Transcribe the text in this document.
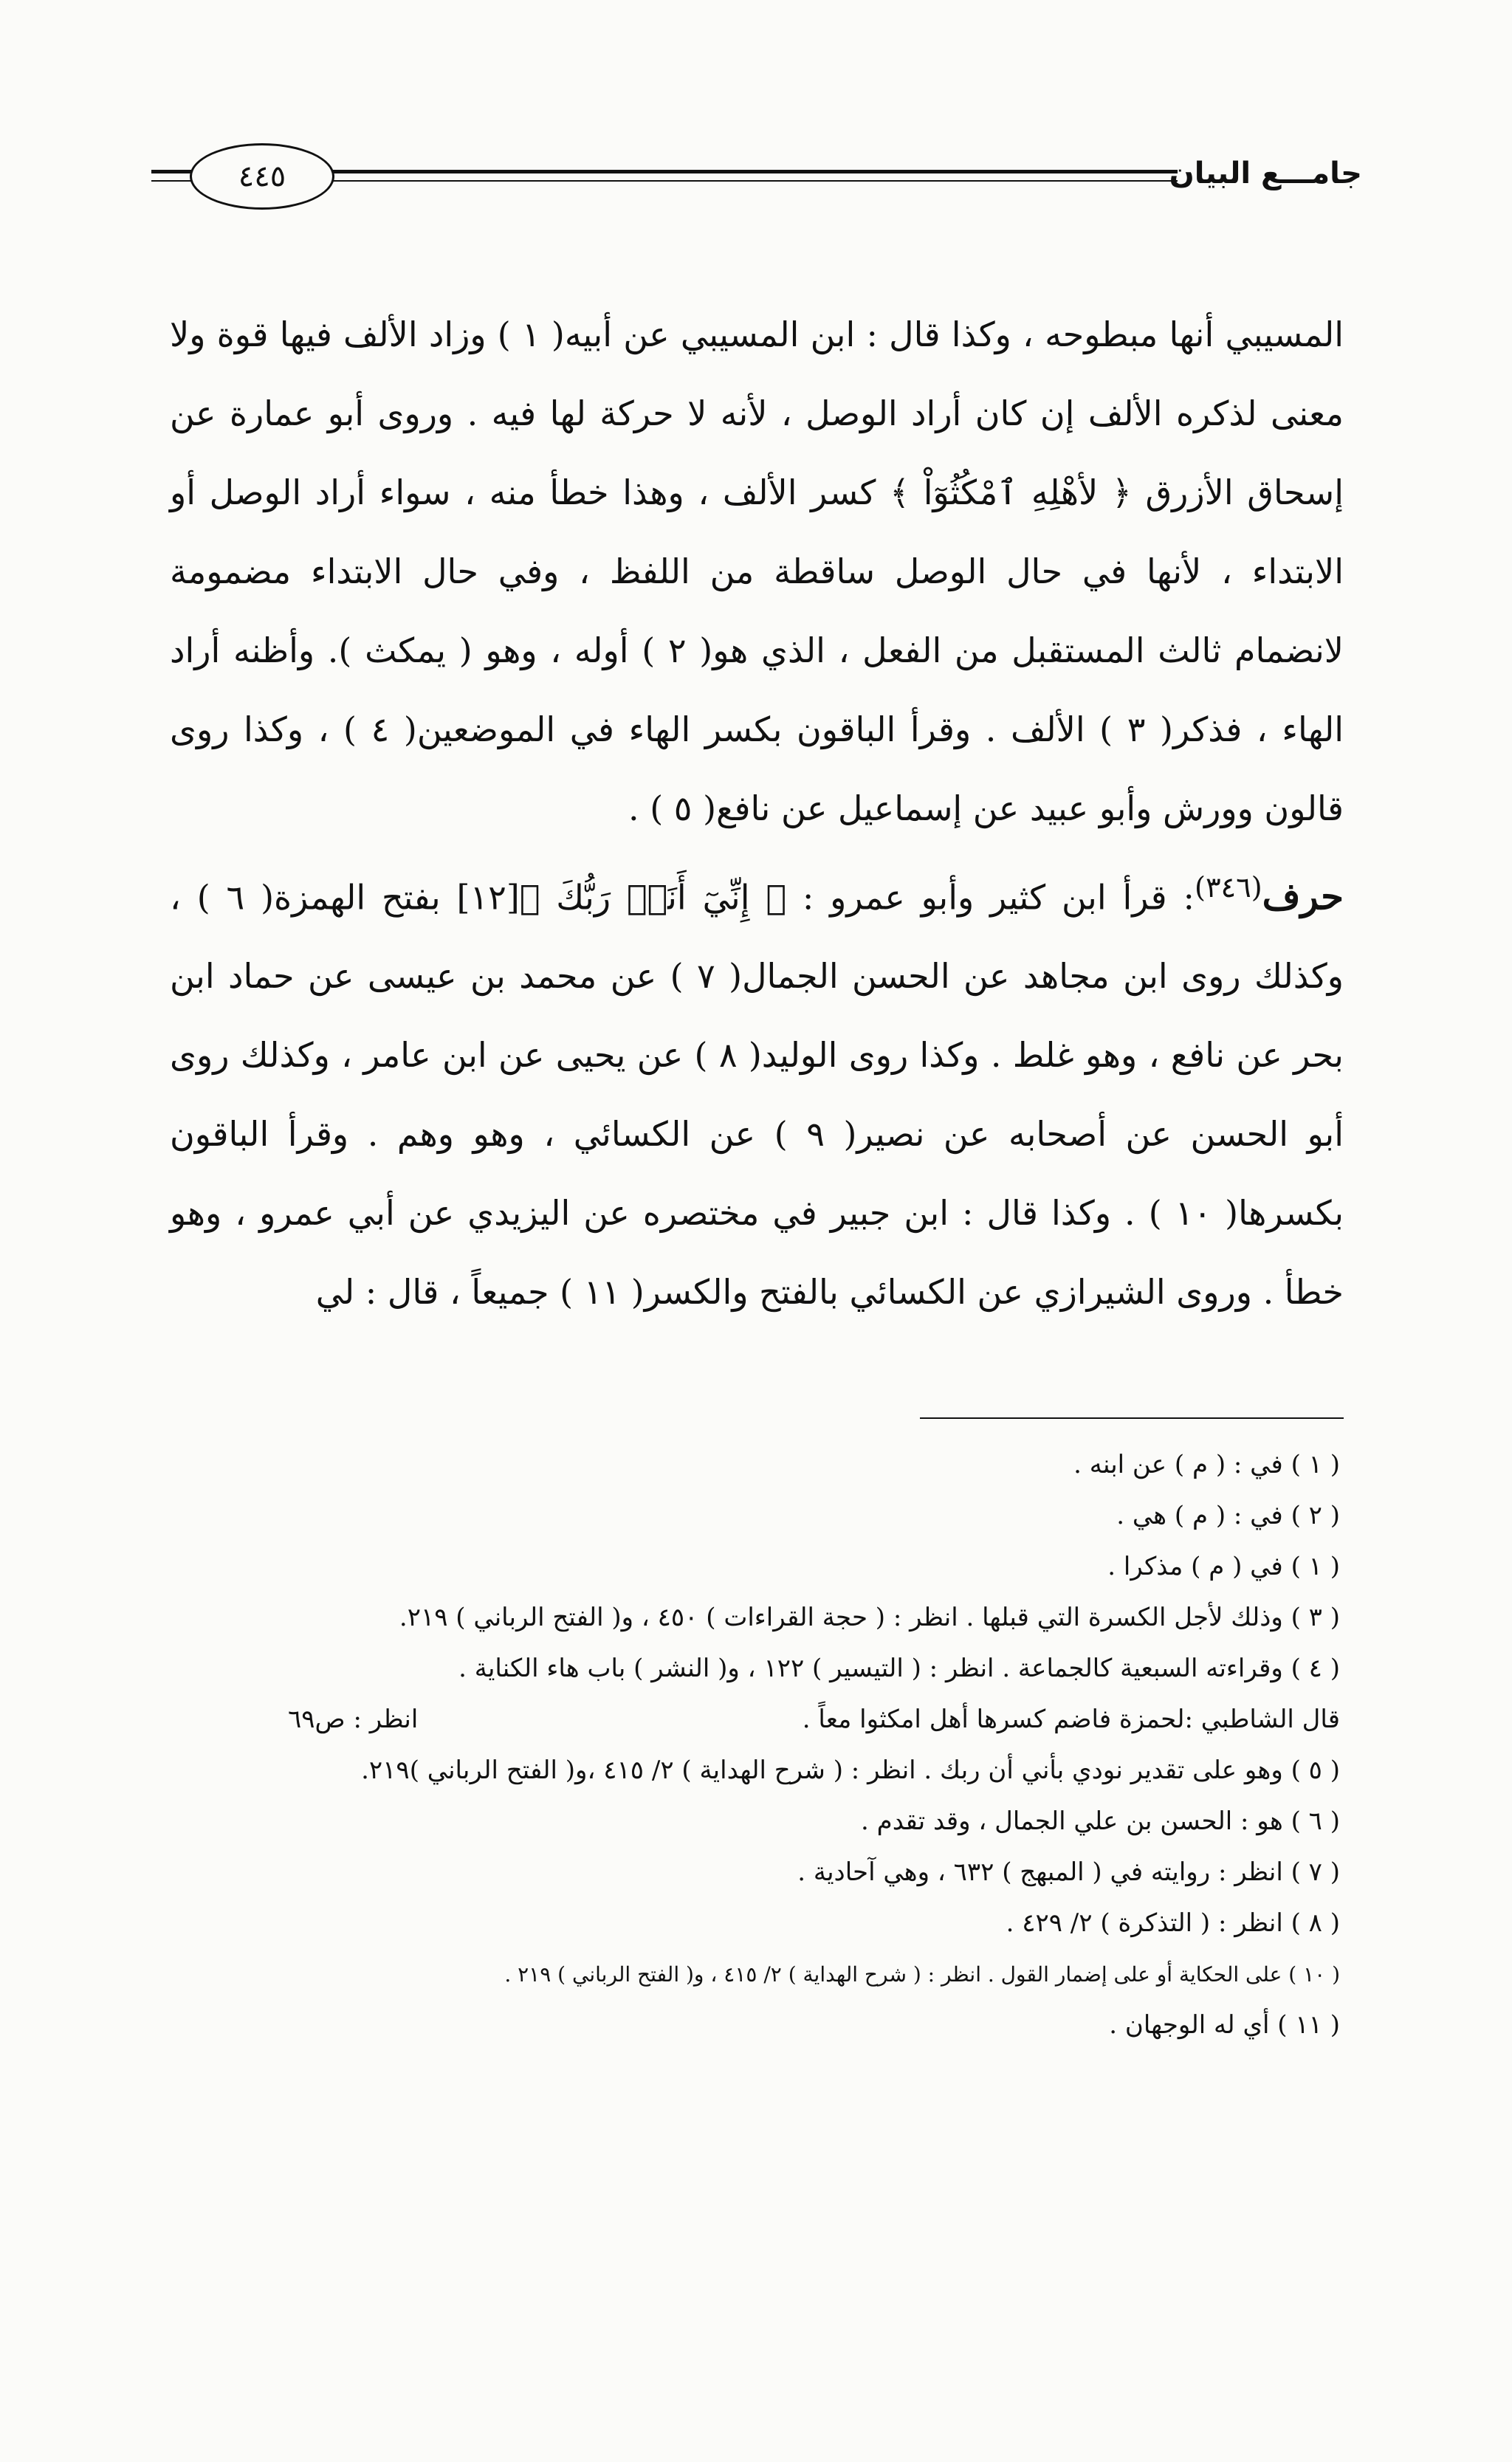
٤٤٥	جامـــع البيان

المسيبي أنها مبطوحه ، وكذا قال : ابن المسيبي عن أبيه( ١ ) وزاد الألف فيها قوة ولا معنى لذكره الألف إن كان أراد الوصل ، لأنه لا حركة لها فيه . وروى أبو عمارة عن إسحاق الأزرق ﴿ لأهْلِهِ ٱمْكُثُوٓاْ ﴾ كسر الألف ، وهذا خطأ منه ، سواء أراد الوصل أو الابتداء ، لأنها في حال الوصل ساقطة من اللفظ ، وفي حال الابتداء مضمومة لانضمام ثالث المستقبل من الفعل ، الذي هو( ٢ ) أوله ، وهو ( يمكث ). وأظنه أراد الهاء ، فذكر( ٣ ) الألف . وقرأ الباقون بكسر الهاء في الموضعين( ٤ ) ، وكذا روى قالون وورش وأبو عبيد عن إسماعيل عن نافع( ٥ ) .

حرف$^{(٣٤٦)}$: قرأ ابن كثير وأبو عمرو : ﴿ إِنِّيٓ أَنَا۠ رَبُّكَ ﴾[١٢] بفتح الهمزة( ٦ ) ، وكذلك روى ابن مجاهد عن الحسن الجمال( ٧ ) عن محمد بن عيسى عن حماد ابن بحر عن نافع ، وهو غلط . وكذا روى الوليد( ٨ ) عن يحيى عن ابن عامر ، وكذلك روى أبو الحسن عن أصحابه عن نصير( ٩ ) عن الكسائي ، وهو وهم . وقرأ الباقون بكسرها( ١٠ ) . وكذا قال : ابن جبير في مختصره عن اليزيدي عن أبي عمرو ، وهو خطأ . وروى الشيرازي عن الكسائي بالفتح والكسر( ١١ ) جميعاً ، قال : لي

( ١ ) في : ( م ) عن ابنه .
( ٢ ) في : ( م ) هي .
( ١ ) في ( م ) مذكرا .
( ٣ ) وذلك لأجل الكسرة التي قبلها . انظر : ( حجة القراءات ) ٤٥٠ ، و( الفتح الرباني ) ٢١٩.
( ٤ ) وقراءته السبعية كالجماعة . انظر : ( التيسير ) ١٢٢ ، و( النشر ) باب هاء الكناية .
قال الشاطبي :لحمزة فاضم كسرها أهل امكثوا معاً .
انظر : ص٦٩
( ٥ ) وهو على تقدير نودي بأني أن ربك . انظر : ( شرح الهداية ) ٢/ ٤١٥ ،و( الفتح الرباني )٢١٩.
( ٦ ) هو : الحسن بن علي الجمال ، وقد تقدم .
( ٧ ) انظر : روايته في ( المبهج ) ٦٣٢ ، وهي آحادية .
( ٨ ) انظر : ( التذكرة ) ٢/ ٤٢٩ .
( ١٠ ) على الحكاية أو على إضمار القول . انظر : ( شرح الهداية ) ٢/ ٤١٥ ، و( الفتح الرباني ) ٢١٩ .
( ١١ ) أي له الوجهان .
